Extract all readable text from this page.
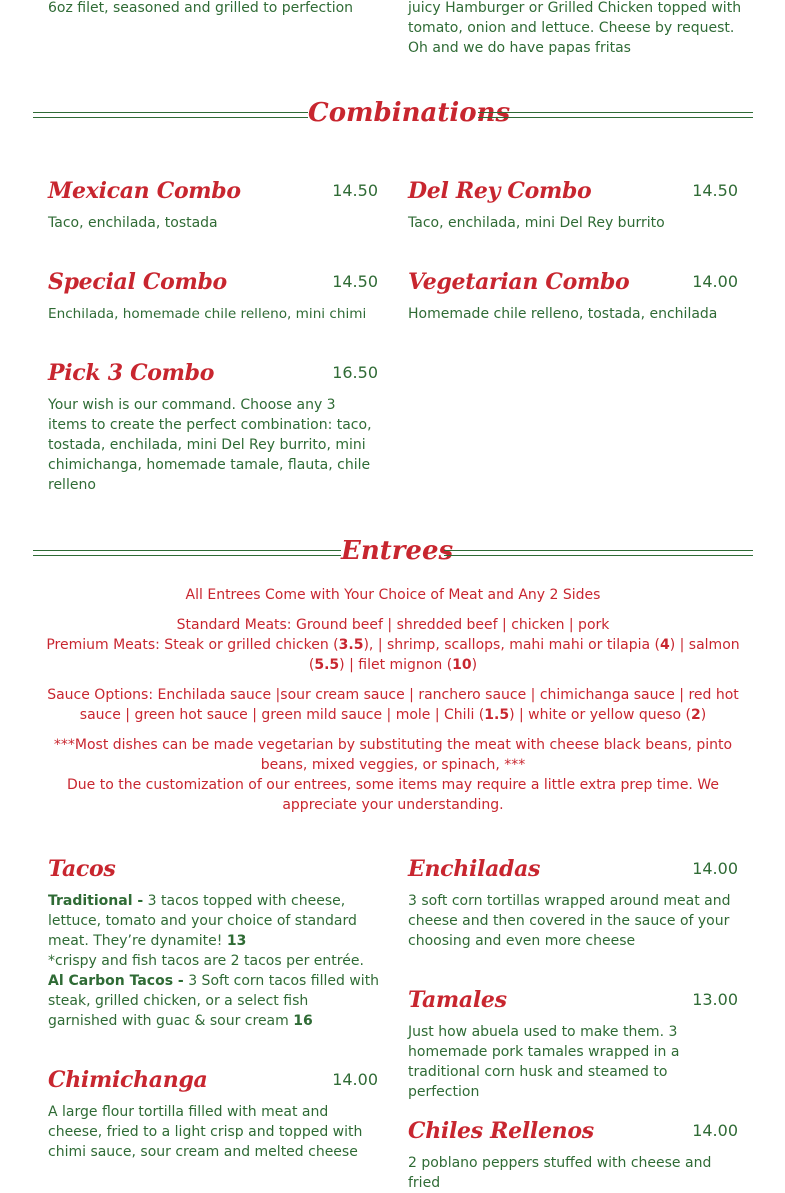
6oz filet, seasoned and grilled to perfection	juicy Hamburger or Grilled Chicken topped with
tomato, onion and lettuce. Cheese by request.
Oh and we do have papas fritas
Combinations
Mexican Combo	14.50
Taco, enchilada, tostada
Del Rey Combo	14.50
Taco, enchilada, mini Del Rey burrito
Special Combo	14.50
Enchilada, homemade chile relleno, mini chimi
Vegetarian Combo	14.00
Homemade chile relleno, tostada, enchilada
Pick 3 Combo	16.50
Your wish is our command. Choose any 3 items to create the perfect combination: taco, tostada, enchilada, mini Del Rey burrito, mini chimichanga, homemade tamale, flauta, chile relleno
Entrees
All Entrees Come with Your Choice of Meat and Any 2 Sides
Standard Meats: Ground beef | shredded beef | chicken | pork
Premium Meats: Steak or grilled chicken (3.5), | shrimp, scallops, mahi mahi or tilapia (4) | salmon (5.5) | filet mignon (10)
Sauce Options: Enchilada sauce |sour cream sauce | ranchero sauce | chimichanga sauce | red hot sauce | green hot sauce | green mild sauce | mole | Chili (1.5) | white or yellow queso (2)
***Most dishes can be made vegetarian by substituting the meat with cheese black beans, pinto beans, mixed veggies, or spinach, ***
Due to the customization of our entrees, some items may require a little extra prep time. We appreciate your understanding.
Tacos
Traditional - 3 tacos topped with cheese, lettuce, tomato and your choice of standard meat. They’re dynamite! 13
*crispy and fish tacos are 2 tacos per entrée.
Al Carbon Tacos - 3 Soft corn tacos filled with steak, grilled chicken, or a select fish garnished with guac & sour cream 16
Chimichanga	14.00
A large flour tortilla filled with meat and cheese, fried to a light crisp and topped with chimi sauce, sour cream and melted cheese
Enchiladas	14.00
3 soft corn tortillas wrapped around meat and cheese and then covered in the sauce of your choosing and even more cheese
Tamales	13.00
Just how abuela used to make them. 3 homemade pork tamales wrapped in a traditional corn husk and steamed to perfection
Chiles Rellenos	14.00
2 poblano peppers stuffed with cheese and fried
